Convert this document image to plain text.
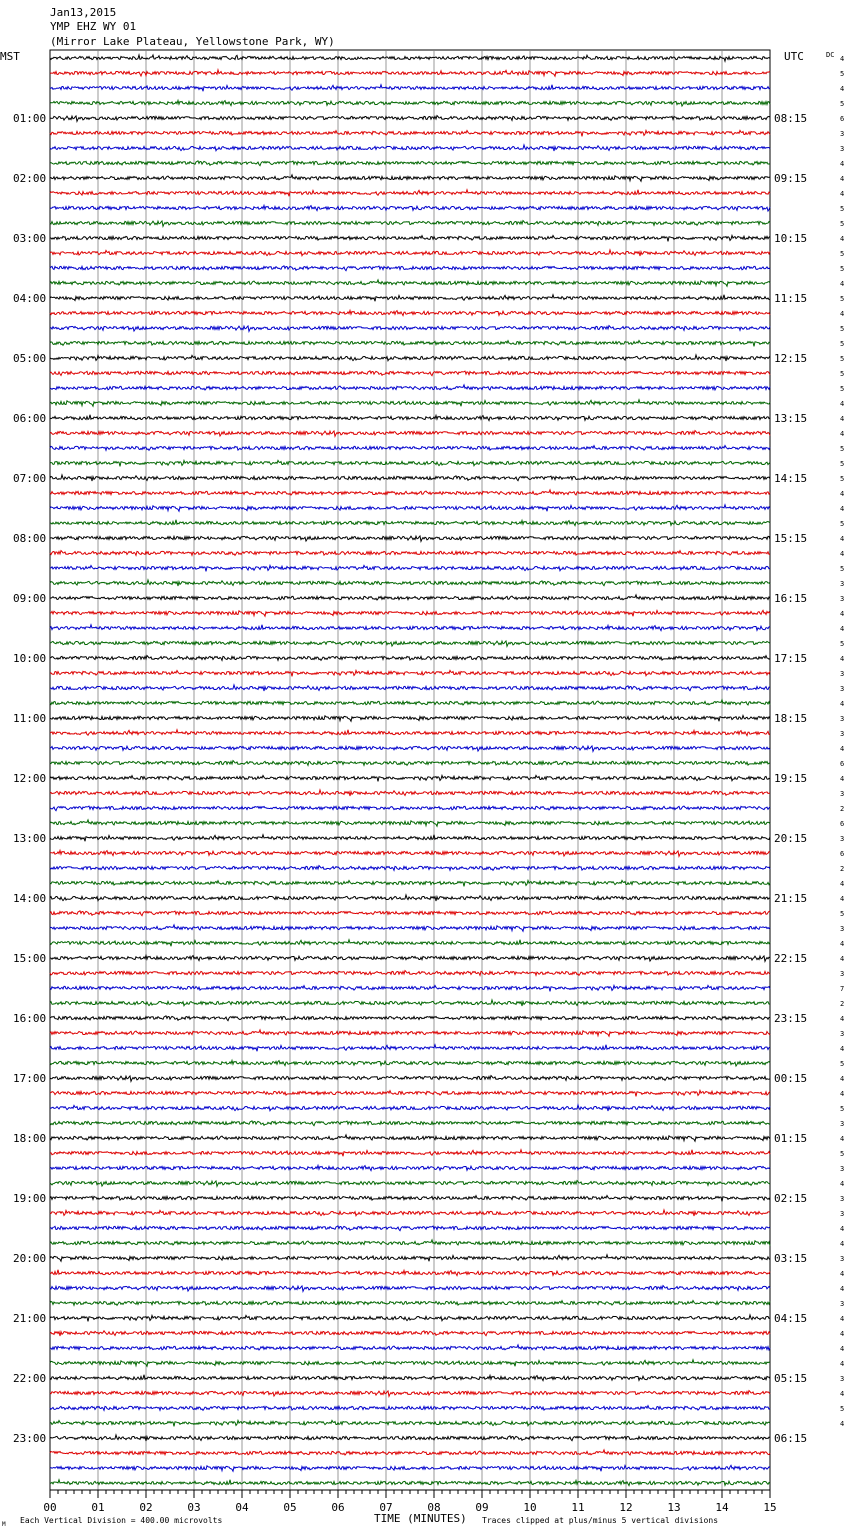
Jan13,2015
YMP EHZ WY 01
(Mirror Lake Plateau, Yellowstone Park, WY)
MST	UTC	DC
01:00
02:00
03:00
04:00
05:00
06:00
07:00
08:00
09:00
10:00
11:00
12:00
13:00
14:00
15:00
16:00
17:00
18:00
19:00
20:00
21:00
22:00
23:00
08:15
09:15
10:15
11:15
12:15
13:15
14:15
15:15
16:15
17:15
18:15
19:15
20:15
21:15
22:15
23:15
00:15
01:15
02:15
03:15
04:15
05:15
06:15
4
5
4
5
6
3
3
4
4
4
5
5
4
5
5
4
5
4
5
5
5
5
5
4
4
4
5
5
5
4
4
5
4
4
5
3
3
4
4
5
4
3
3
4
3
3
4
6
4
3
2
6
3
6
2
4
4
5
3
4
4
3
7
2
4
3
4
5
4
4
5
3
4
5
3
4
3
3
4
4
3
4
4
3
4
4
4
4
3
4
5
4
00	01	02	03	04	05	06	07	08	09	10	11	12	13	14	15
Each Vertical Division = 400.00 microvolts	TIME (MINUTES) Traces clipped at plus/minus 5 vertical divisions
M
